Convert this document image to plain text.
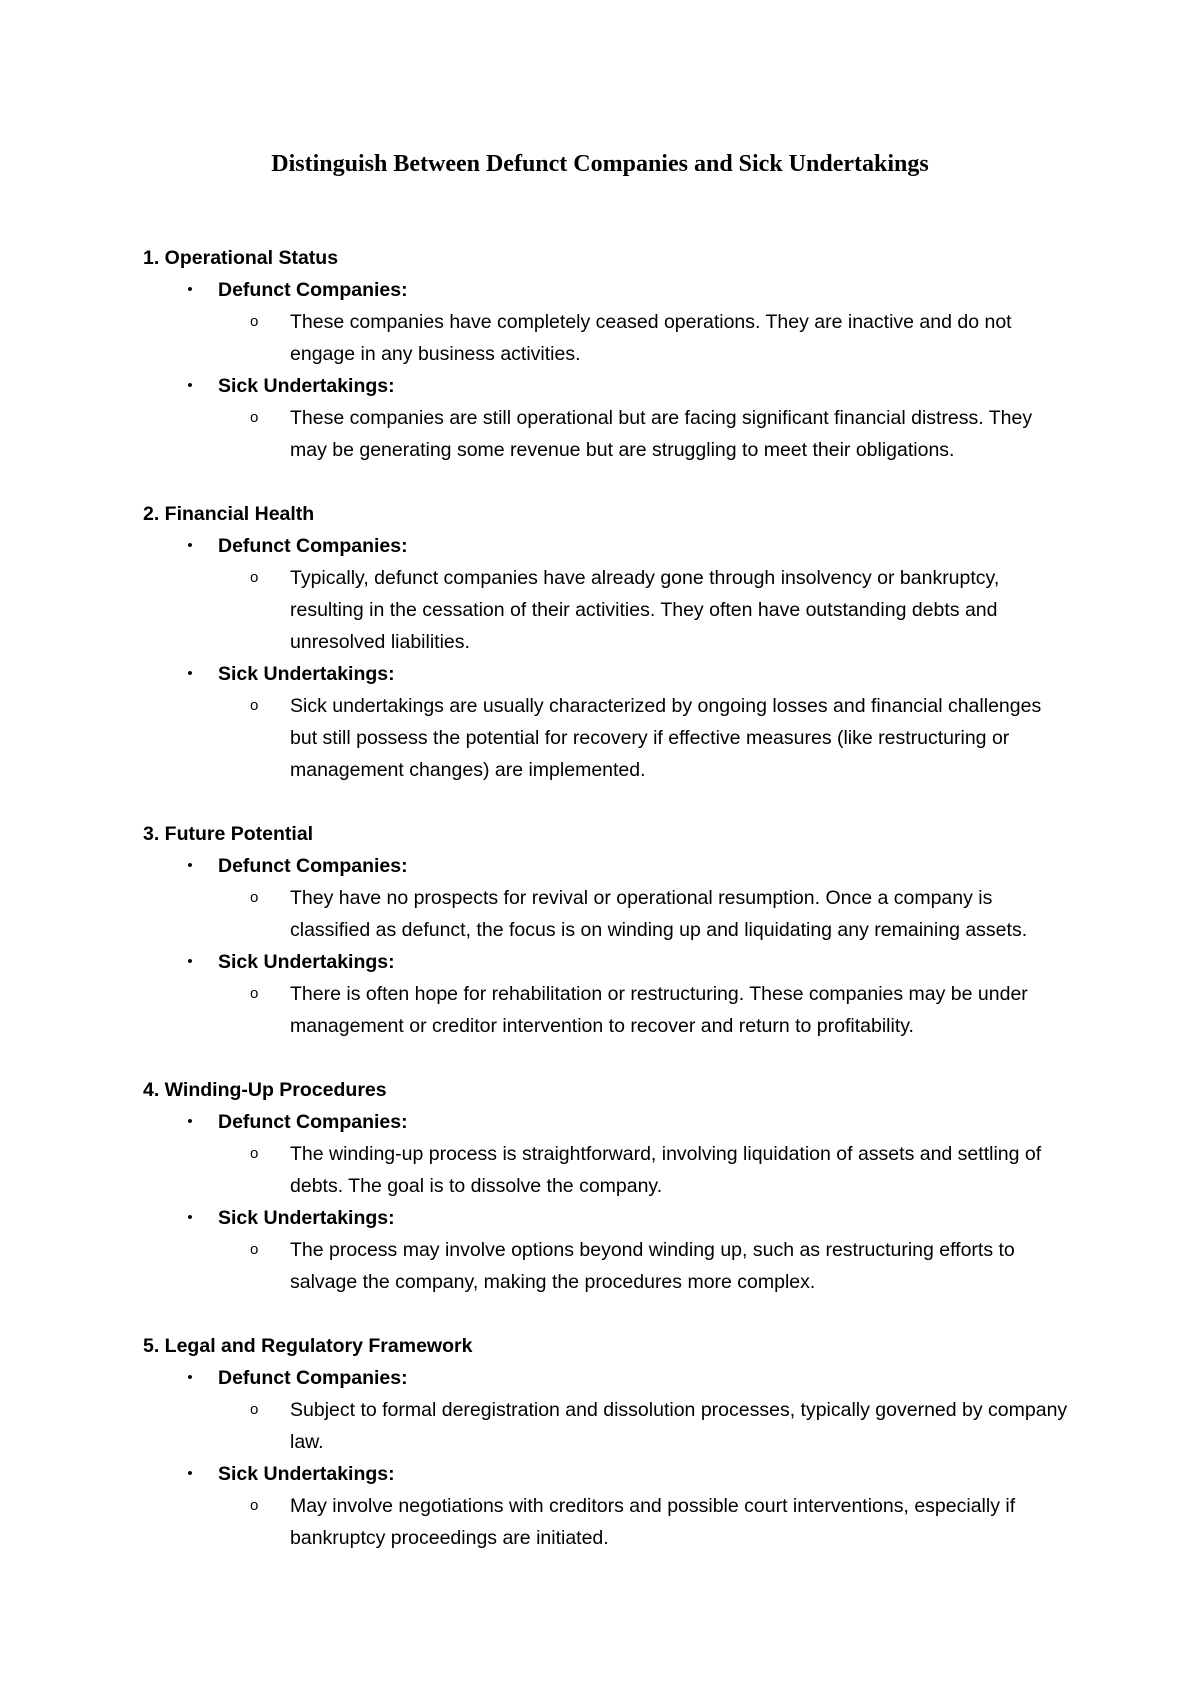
Distinguish Between Defunct Companies and Sick Undertakings
1. Operational Status
• Defunct Companies:
o These companies have completely ceased operations. They are inactive and do not engage in any business activities.
• Sick Undertakings:
o These companies are still operational but are facing significant financial distress. They may be generating some revenue but are struggling to meet their obligations.
2. Financial Health
• Defunct Companies:
o Typically, defunct companies have already gone through insolvency or bankruptcy, resulting in the cessation of their activities. They often have outstanding debts and unresolved liabilities.
• Sick Undertakings:
o Sick undertakings are usually characterized by ongoing losses and financial challenges but still possess the potential for recovery if effective measures (like restructuring or management changes) are implemented.
3. Future Potential
• Defunct Companies:
o They have no prospects for revival or operational resumption. Once a company is classified as defunct, the focus is on winding up and liquidating any remaining assets.
• Sick Undertakings:
o There is often hope for rehabilitation or restructuring. These companies may be under management or creditor intervention to recover and return to profitability.
4. Winding-Up Procedures
• Defunct Companies:
o The winding-up process is straightforward, involving liquidation of assets and settling of debts. The goal is to dissolve the company.
• Sick Undertakings:
o The process may involve options beyond winding up, such as restructuring efforts to salvage the company, making the procedures more complex.
5. Legal and Regulatory Framework
• Defunct Companies:
o Subject to formal deregistration and dissolution processes, typically governed by company law.
• Sick Undertakings:
o May involve negotiations with creditors and possible court interventions, especially if bankruptcy proceedings are initiated.
